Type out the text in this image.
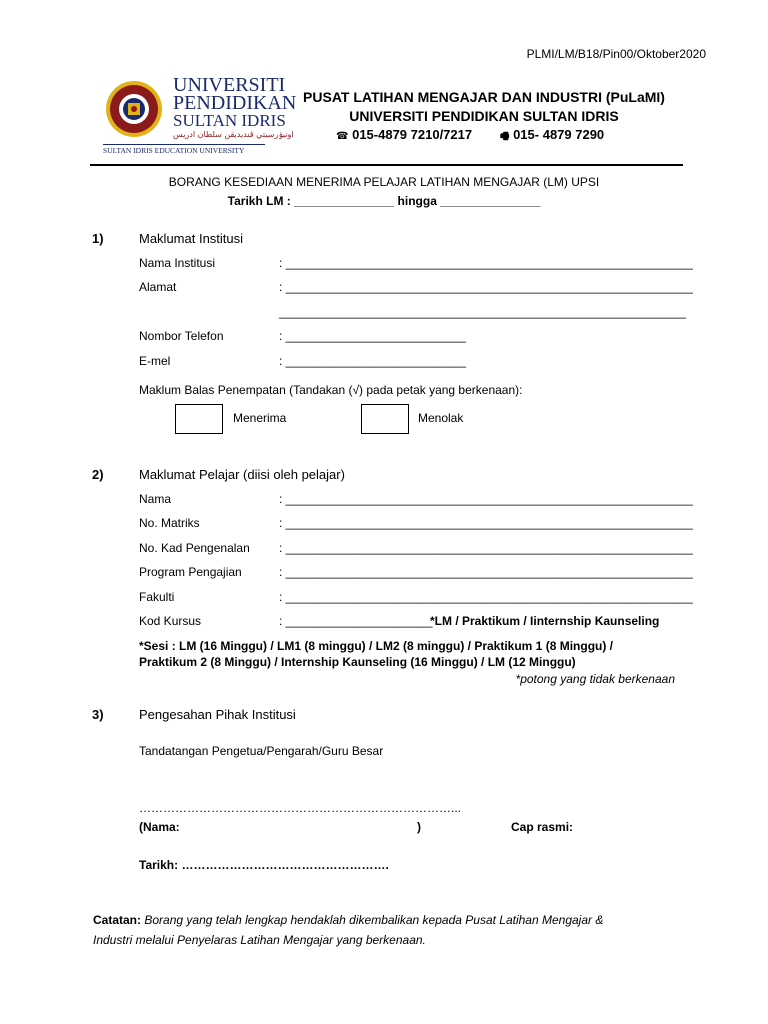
PLMI/LM/B18/Pin00/Oktober2020
UNIVERSITI
PENDIDIKAN
SULTAN IDRIS
اونيۏرسيتي ڤنديديقن سلطان ادريس
SULTAN IDRIS EDUCATION UNIVERSITY
PUSAT LATIHAN MENGAJAR DAN INDUSTRI (PuLaMI)
UNIVERSITI PENDIDIKAN SULTAN IDRIS
☎ 015-4879 7210/7217	🖷 015- 4879 7290
BORANG KESEDIAAN MENERIMA PELAJAR LATIHAN MENGAJAR (LM) UPSI
Tarikh LM : _______________ hingga _______________
1)	Maklumat Institusi
Nama Institusi	: _____________________________________________________________
Alamat	: _____________________________________________________________
_____________________________________________________________
Nombor Telefon	: ___________________________
E-mel	: ___________________________
Maklum Balas Penempatan (Tandakan (√) pada petak yang berkenaan):
Menerima	Menolak
2)	Maklumat Pelajar (diisi oleh pelajar)
Nama	: _____________________________________________________________
No. Matriks	: _____________________________________________________________
No. Kad Pengenalan : _____________________________________________________________
Program Pengajian	: _____________________________________________________________
Fakulti	: _____________________________________________________________
Kod Kursus	: ______________________
*LM / Praktikum / Iinternship Kaunseling
*Sesi : LM (16 Minggu) / LM1 (8 minggu) / LM2 (8 minggu) / Praktikum 1 (8 Minggu) /
Praktikum 2 (8 Minggu) / Internship Kaunseling (16 Minggu) / LM (12 Minggu)
*potong yang tidak berkenaan
3)	Pengesahan Pihak Institusi
Tandatangan Pengetua/Pengarah/Guru Besar
……………………………………………………………………...
(Nama:	)	Cap rasmi:
Tarikh: …………………………………………….
Catatan: Borang yang telah lengkap hendaklah dikembalikan kepada Pusat Latihan Mengajar &
Industri melalui Penyelaras Latihan Mengajar yang berkenaan.
